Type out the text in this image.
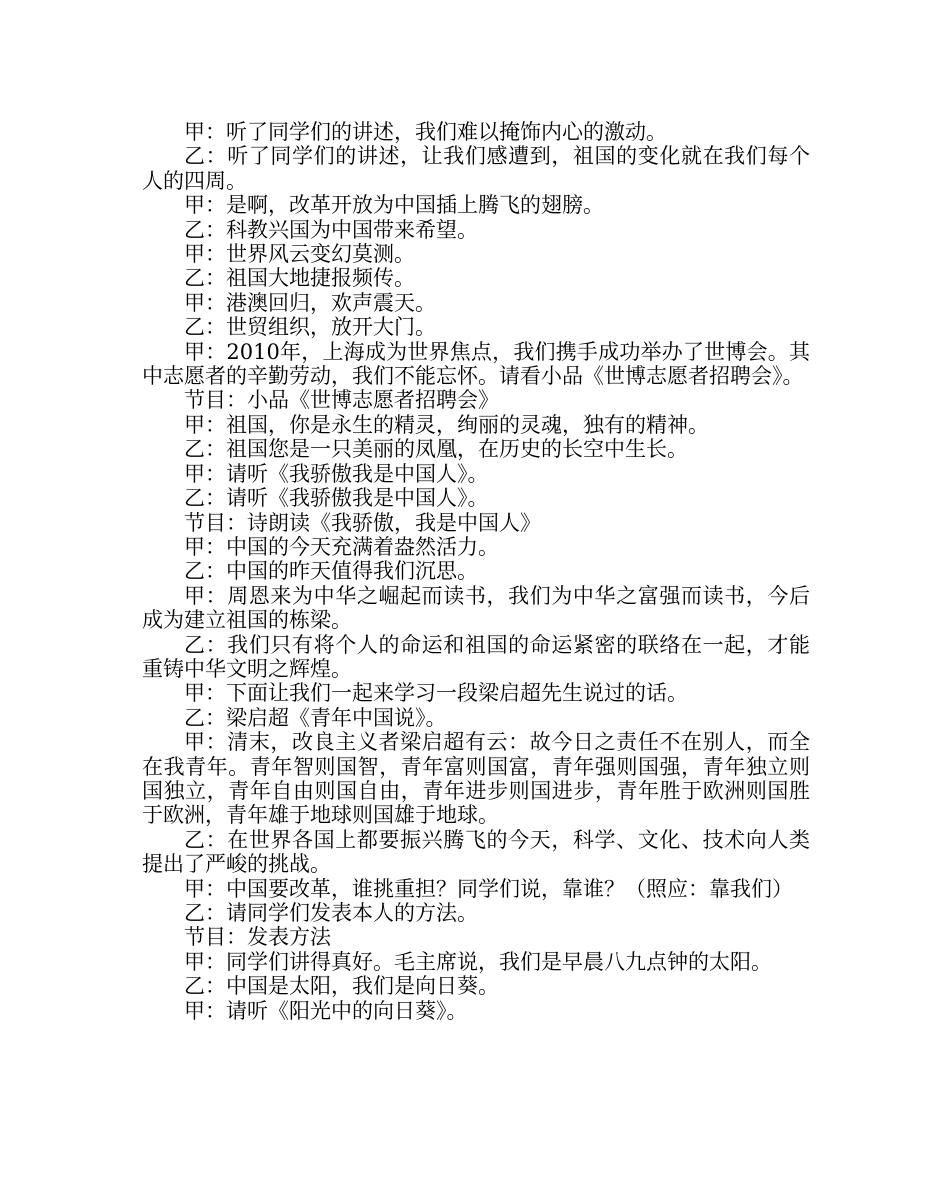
甲：听了同学们的讲述，我们难以掩饰内心的激动。

乙：听了同学们的讲述，让我们感遭到，祖国的变化就在我们每个人的四周。

甲：是啊，改革开放为中国插上腾飞的翅膀。

乙：科教兴国为中国带来希望。

甲：世界风云变幻莫测。

乙：祖国大地捷报频传。

甲：港澳回归，欢声震天。

乙：世贸组织，放开大门。

甲：2010年，上海成为世界焦点，我们携手成功举办了世博会。其中志愿者的辛勤劳动，我们不能忘怀。请看小品《世博志愿者招聘会》。

节目：小品《世博志愿者招聘会》

甲：祖国，你是永生的精灵，绚丽的灵魂，独有的精神。

乙：祖国您是一只美丽的凤凰，在历史的长空中生长。

甲：请听《我骄傲我是中国人》。

乙：请听《我骄傲我是中国人》。

节目：诗朗读《我骄傲，我是中国人》

甲：中国的今天充满着盎然活力。

乙：中国的昨天值得我们沉思。

甲：周恩来为中华之崛起而读书，我们为中华之富强而读书，今后成为建立祖国的栋梁。

乙：我们只有将个人的命运和祖国的命运紧密的联络在一起，才能重铸中华文明之辉煌。

甲：下面让我们一起来学习一段梁启超先生说过的话。

乙：梁启超《青年中国说》。

甲：清末，改良主义者梁启超有云：故今日之责任不在别人，而全在我青年。青年智则国智，青年富则国富，青年强则国强，青年独立则国独立，青年自由则国自由，青年进步则国进步，青年胜于欧洲则国胜于欧洲，青年雄于地球则国雄于地球。

乙：在世界各国上都要振兴腾飞的今天，科学、文化、技术向人类提出了严峻的挑战。

甲：中国要改革，谁挑重担？同学们说，靠谁？（照应：靠我们）

乙：请同学们发表本人的方法。

节目：发表方法

甲：同学们讲得真好。毛主席说，我们是早晨八九点钟的太阳。

乙：中国是太阳，我们是向日葵。

甲：请听《阳光中的向日葵》。
